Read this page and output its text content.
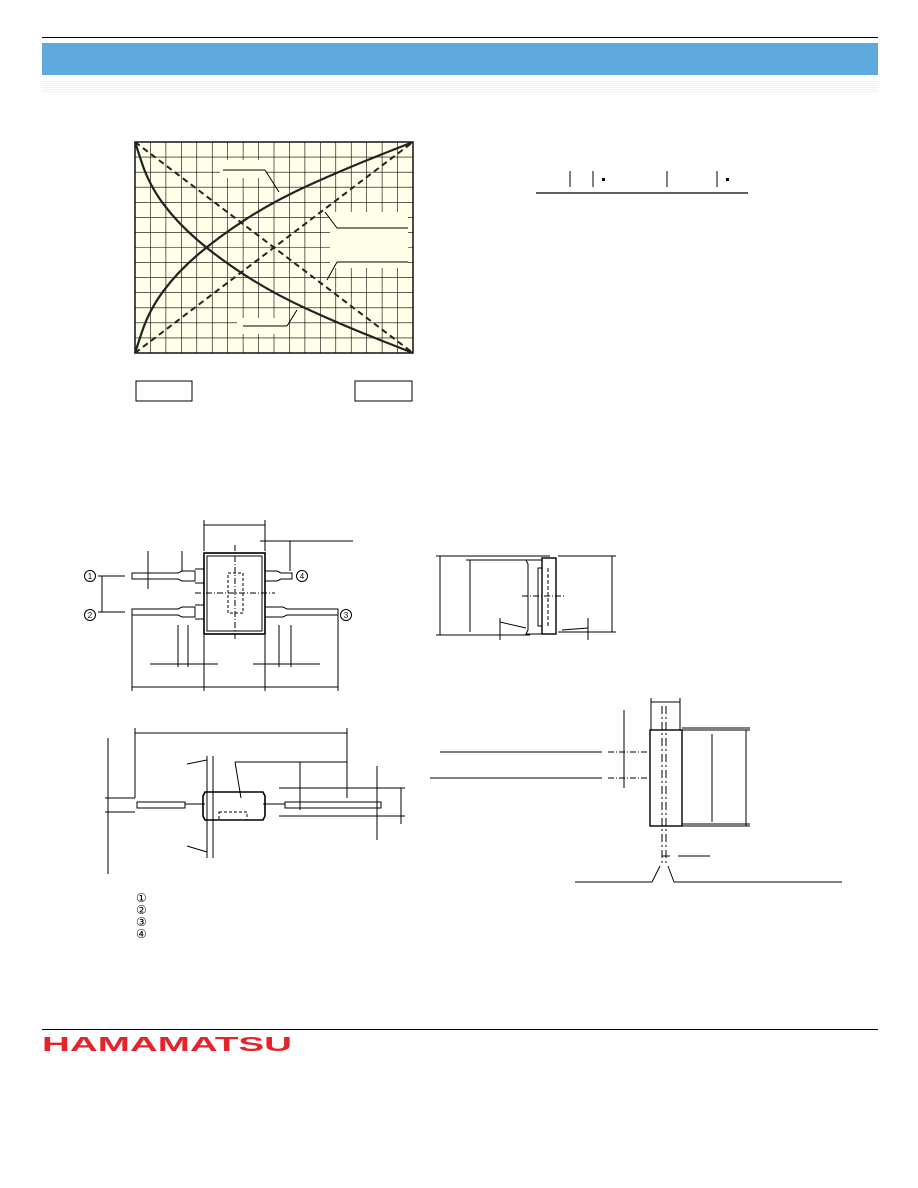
1
2	3
4
①
②
③
④
HAMAMATSU
